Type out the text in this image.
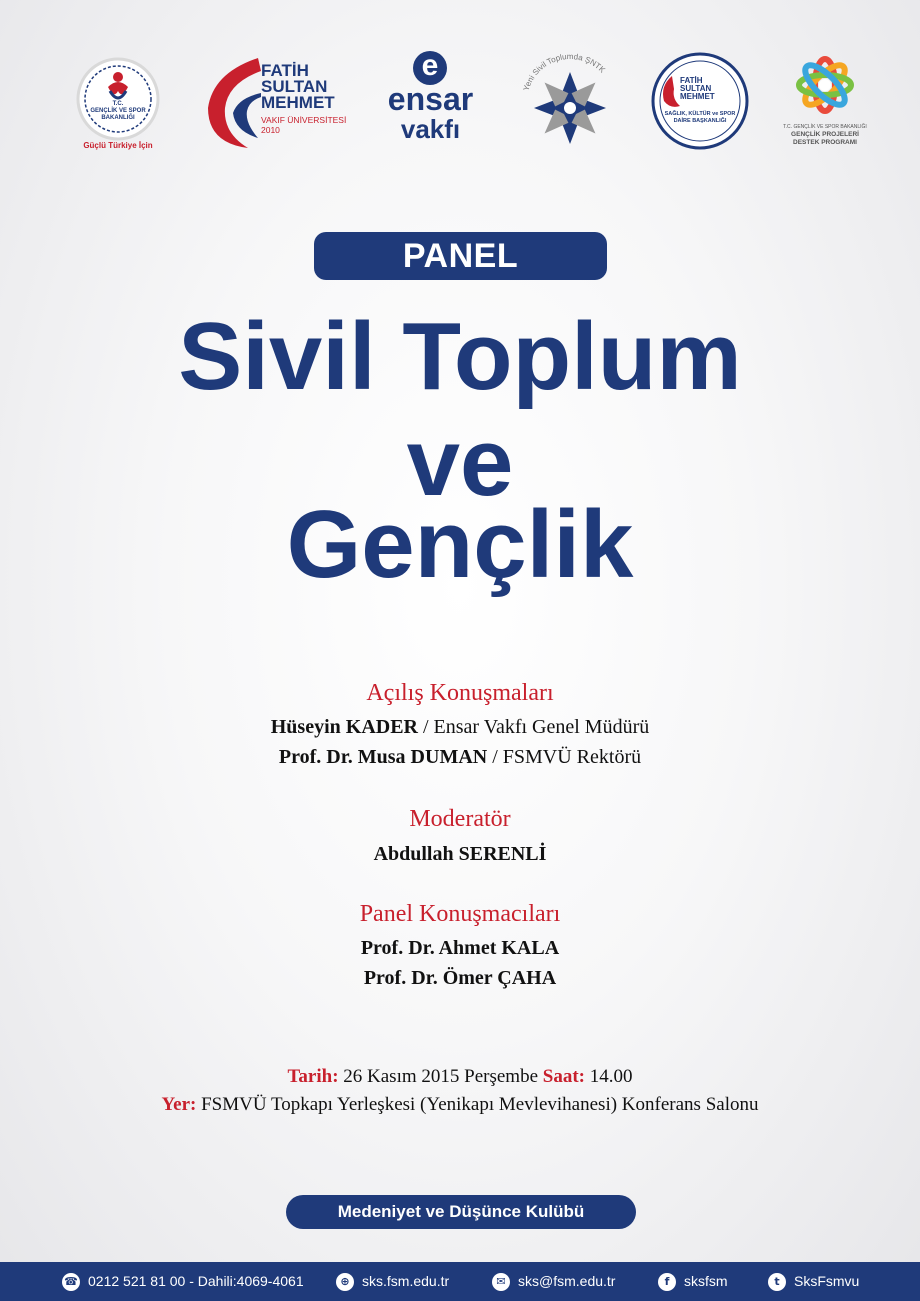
T.C.
GENÇLİK VE SPOR
BAKANLIĞI
Güçlü Türkiye İçin
FATİH
SULTAN
MEHMET
VAKIF ÜNİVERSİTESİ
2010
e
ensar
vakfı
Yeni Sivil Toplumda ŞNTK
FATİH
SULTAN
MEHMET
SAĞLIK, KÜLTÜR ve SPOR DAİRE BAŞKANLIĞI
T.C. GENÇLİK VE SPOR BAKANLIĞI
GENÇLİK PROJELERİ
DESTEK PROGRAMI
PANEL
Sivil Toplum
ve
Gençlik
Açılış Konuşmaları
Hüseyin KADER / Ensar Vakfı Genel Müdürü
Prof. Dr. Musa DUMAN / FSMVÜ Rektörü
Moderatör
Abdullah SERENLİ
Panel Konuşmacıları
Prof. Dr. Ahmet KALA
Prof. Dr. Ömer ÇAHA
Tarih: 26 Kasım 2015 Perşembe Saat: 14.00
Yer: FSMVÜ Topkapı Yerleşkesi (Yenikapı Mevlevihanesi) Konferans Salonu
Medeniyet ve Düşünce Kulübü
☎ 0212 521 81 00 - Dahili:4069-4061	⊕ sks.fsm.edu.tr	✉ sks@fsm.edu.tr	f	sksfsm	t	SksFsmvu
